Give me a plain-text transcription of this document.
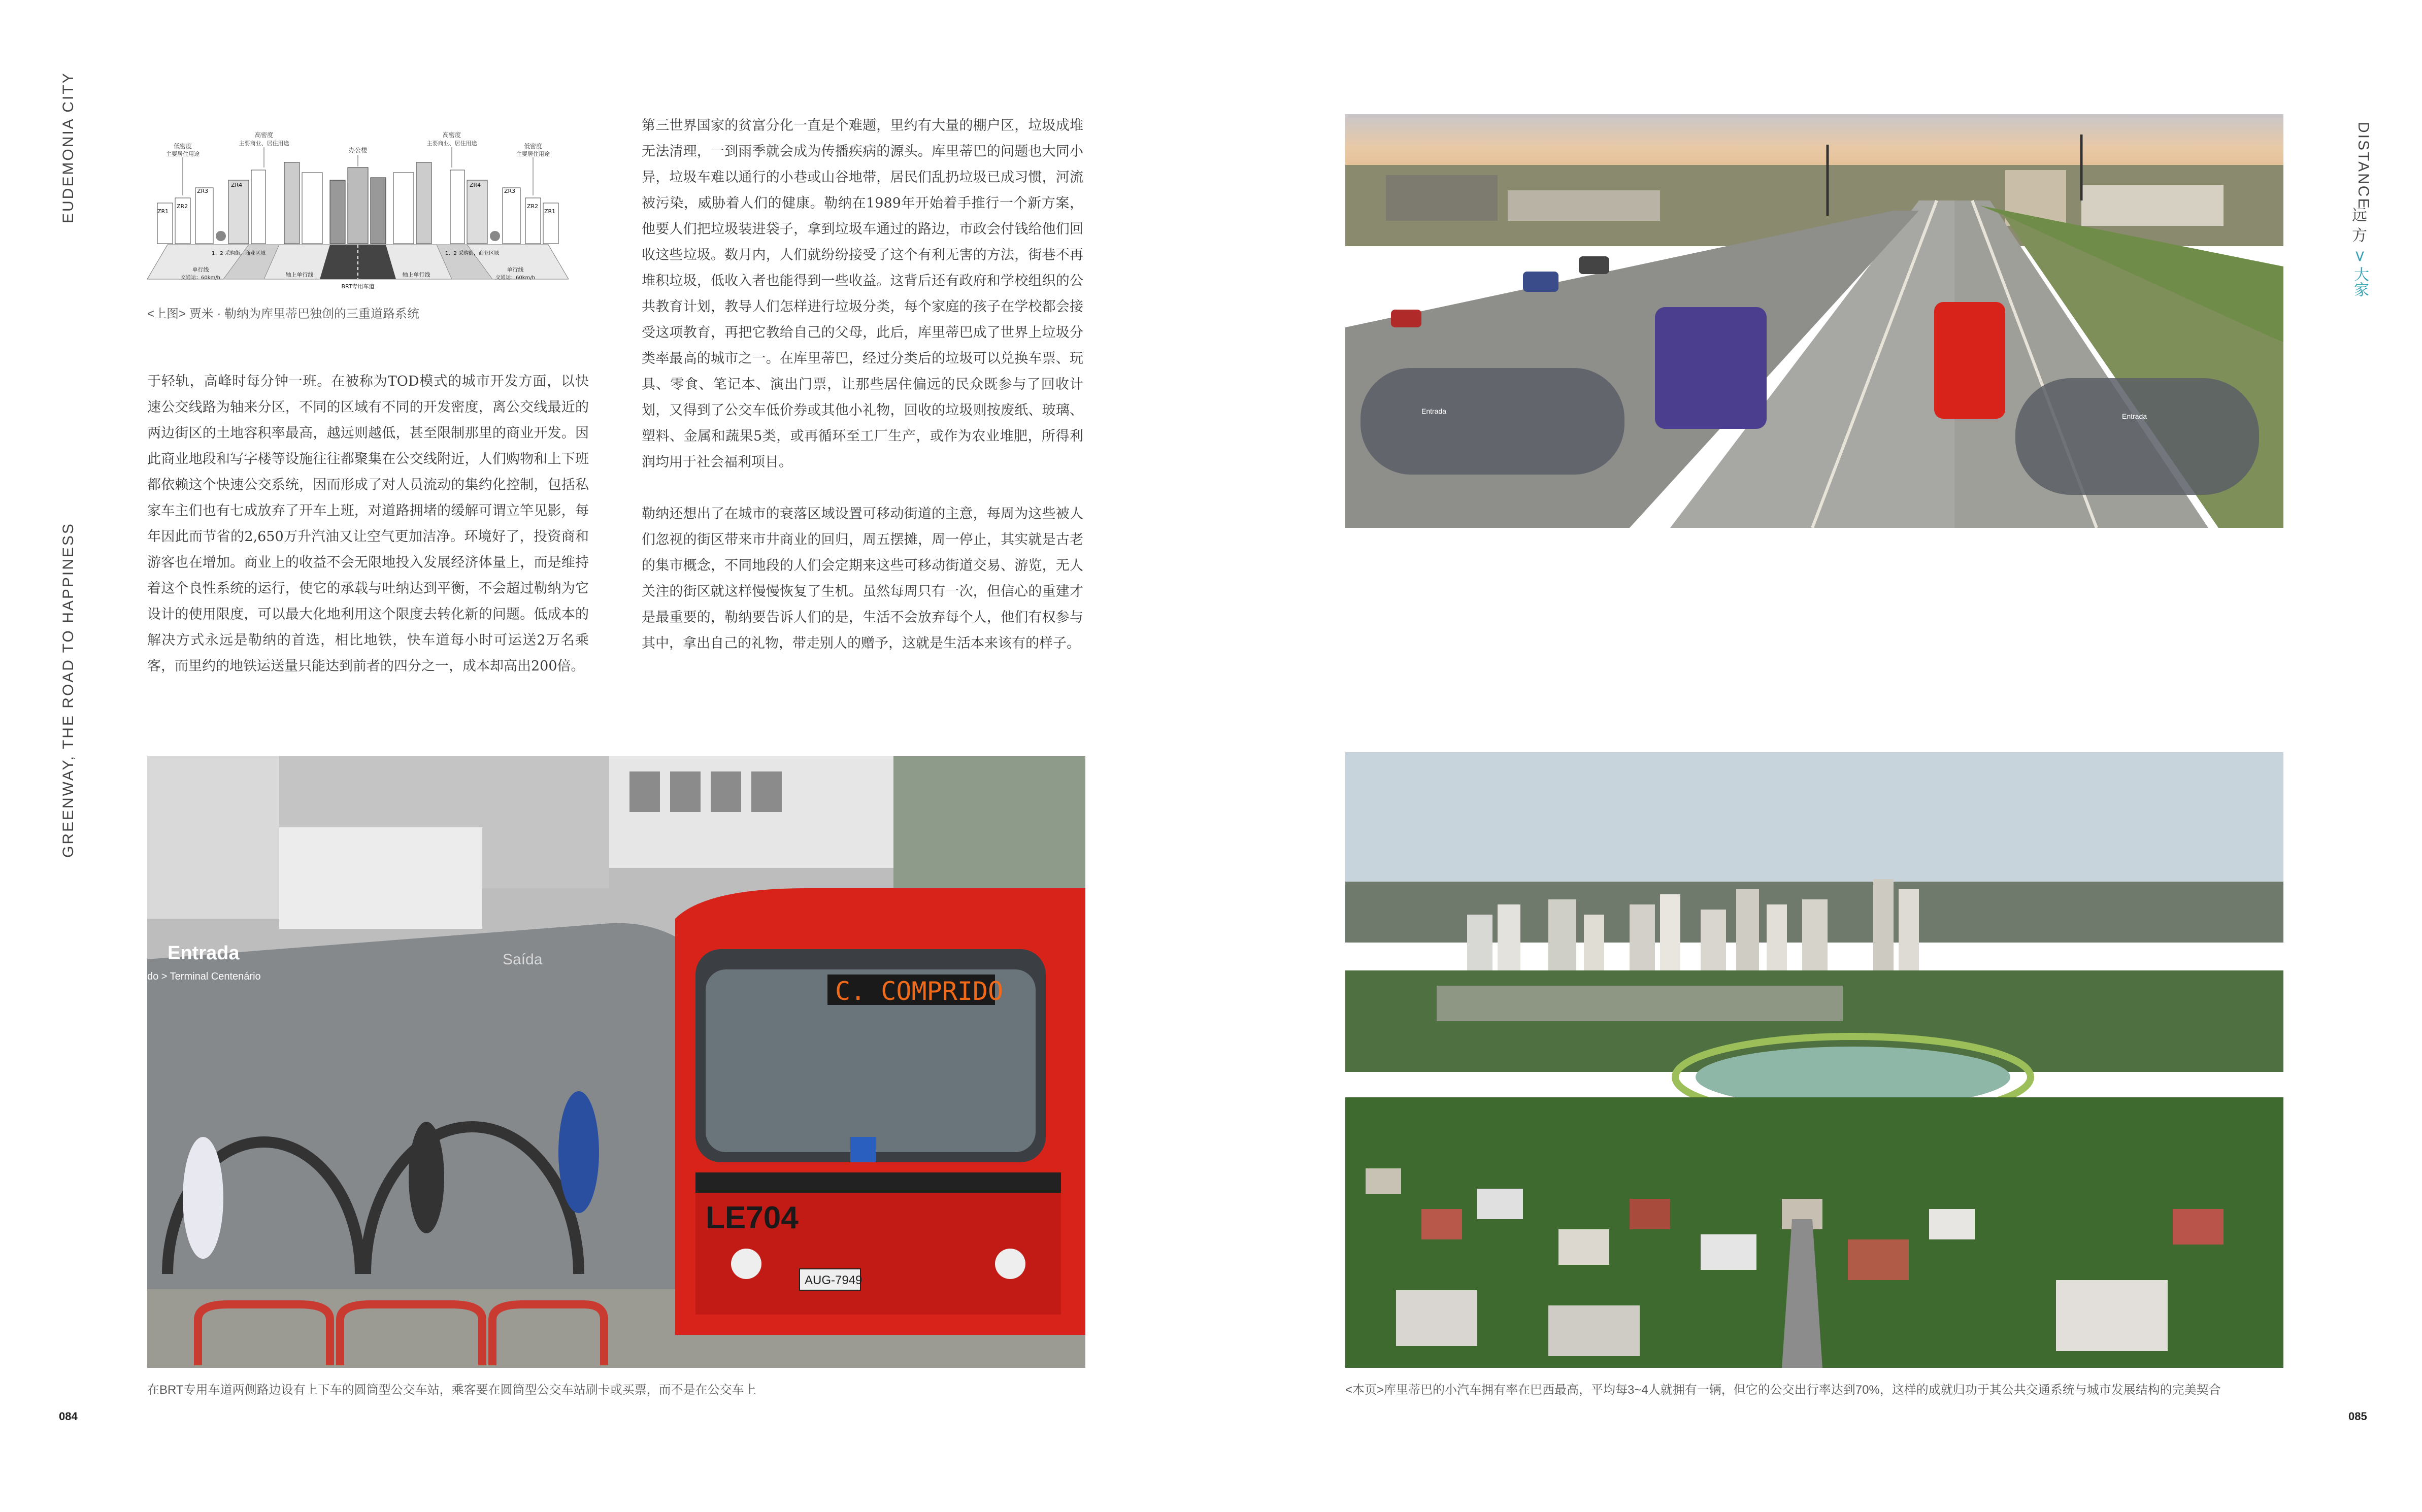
EUDEMONIA CITY
GREENWAY, THE ROAD TO HAPPINESS
DISTANCE
远
方
>
大家
低密度
主要居住用途
高密度
主要商业、居住用途
办公楼
高密度
主要商业、居住用途	低密度
主要居住用途
ZR1
ZR2
ZR3
ZR4	ZR4
ZR3
ZR2
ZR1
1、2 采购街，商业区域	1、2 采购街，商业区域
单行线
交通运：60km/h	轴上单行线
BRT专用车道
轴上单行线
单行线
交通运：60km/h
<上图> 贾米 · 勒纳为库里蒂巴独创的三重道路系统

于轻轨，高峰时每分钟一班。在被称为TOD模式的城市开发方面，以快速公交线路为轴来分区，不同的区域有不同的开发密度，离公交线最近的两边街区的土地容积率最高，越远则越低，甚至限制那里的商业开发。因此商业地段和写字楼等设施往往都聚集在公交线附近，人们购物和上下班都依赖这个快速公交系统，因而形成了对人员流动的集约化控制，包括私家车主们也有七成放弃了开车上班，对道路拥堵的缓解可谓立竿见影，每年因此而节省的2,650万升汽油又让空气更加洁净。环境好了，投资商和游客也在增加。商业上的收益不会无限地投入发展经济体量上，而是维持着这个良性系统的运行，使它的承载与吐纳达到平衡，不会超过勒纳为它设计的使用限度，可以最大化地利用这个限度去转化新的问题。低成本的解决方式永远是勒纳的首选，相比地铁，快车道每小时可运送2万名乘客，而里约的地铁运送量只能达到前者的四分之一，成本却高出200倍。

第三世界国家的贫富分化一直是个难题，里约有大量的棚户区，垃圾成堆无法清理，一到雨季就会成为传播疾病的源头。库里蒂巴的问题也大同小异，垃圾车难以通行的小巷或山谷地带，居民们乱扔垃圾已成习惯，河流被污染，威胁着人们的健康。勒纳在1989年开始着手推行一个新方案，他要人们把垃圾装进袋子，拿到垃圾车通过的路边，市政会付钱给他们回收这些垃圾。数月内，人们就纷纷接受了这个有利无害的方法，街巷不再堆积垃圾，低收入者也能得到一些收益。这背后还有政府和学校组织的公共教育计划，教导人们怎样进行垃圾分类，每个家庭的孩子在学校都会接受这项教育，再把它教给自己的父母，此后，库里蒂巴成了世界上垃圾分类率最高的城市之一。在库里蒂巴，经过分类后的垃圾可以兑换车票、玩具、零食、笔记本、演出门票，让那些居住偏远的民众既参与了回收计划，又得到了公交车低价券或其他小礼物，回收的垃圾则按废纸、玻璃、塑料、金属和蔬果5类，或再循环至工厂生产，或作为农业堆肥，所得利润均用于社会福利项目。

勒纳还想出了在城市的衰落区域设置可移动街道的主意，每周为这些被人们忽视的街区带来市井商业的回归，周五摆摊，周一停止，其实就是古老的集市概念，不同地段的人们会定期来这些可移动街道交易、游览，无人关注的街区就这样慢慢恢复了生机。虽然每周只有一次，但信心的重建才是最重要的，勒纳要告诉人们的是，生活不会放弃每个人，他们有权参与其中，拿出自己的礼物，带走别人的赠予，这就是生活本来该有的样子。

Entrada
Entrada
Entrada
do > Terminal Centenário
Saída
C. COMPRIDO
LE704
AUG-7949
在BRT专用车道两侧路边设有上下车的圆筒型公交车站，乘客要在圆筒型公交车站刷卡或买票，而不是在公交车上	<本页>库里蒂巴的小汽车拥有率在巴西最高，平均每3~4人就拥有一辆，但它的公交出行率达到70%，这样的成就归功于其公共交通系统与城市发展结构的完美契合
084	085
